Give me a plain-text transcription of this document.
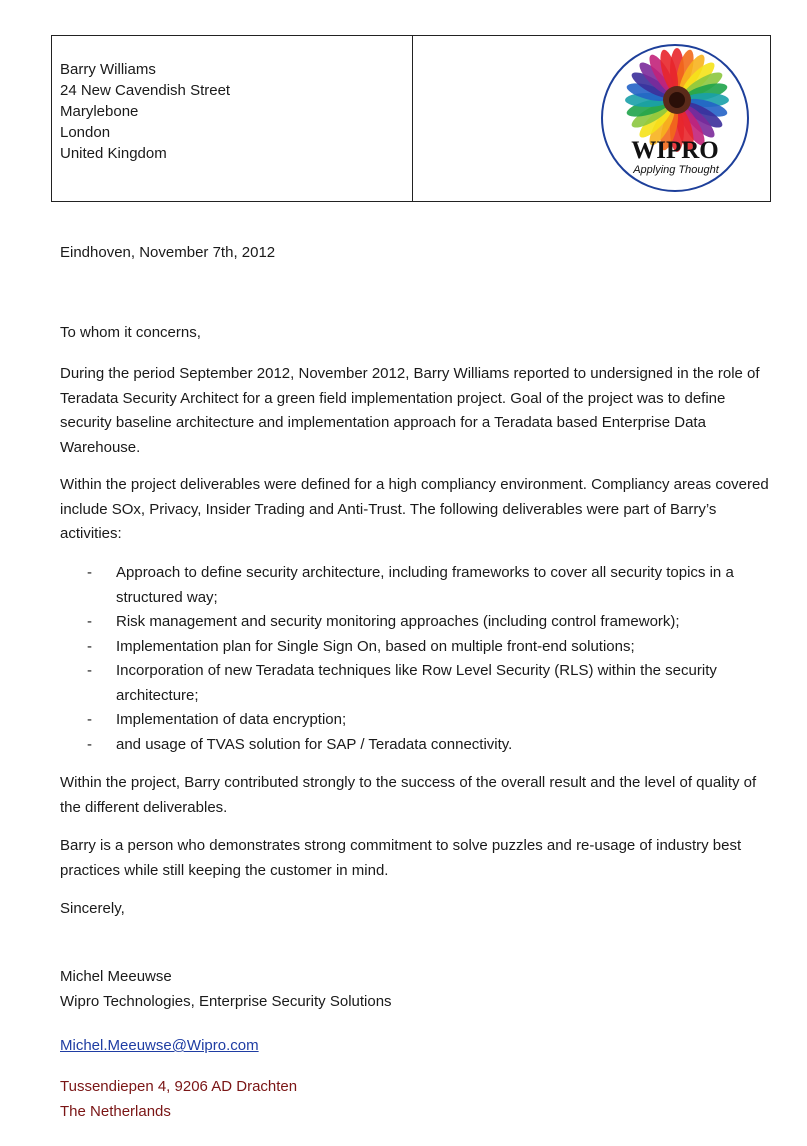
Barry Williams
24 New Cavendish Street
Marylebone
London
United Kingdom	WIPRO
Applying Thought
Eindhoven, November 7th, 2012
To whom it concerns,

During the period September 2012, November 2012, Barry Williams reported to undersigned in the role of Teradata Security Architect for a green field implementation project. Goal of the project was to define security baseline architecture and implementation approach for a Teradata based Enterprise Data Warehouse.

Within the project deliverables were defined for a high compliancy environment. Compliancy areas covered include SOx, Privacy, Insider Trading and Anti-Trust. The following deliverables were part of Barry’s activities:

- Approach to define security architecture, including frameworks to cover all security topics in a structured way;
- Risk management and security monitoring approaches (including control framework);
- Implementation plan for Single Sign On, based on multiple front-end solutions;
- Incorporation of new Teradata techniques like Row Level Security (RLS) within the security architecture;
- Implementation of data encryption;
- and usage of TVAS solution for SAP / Teradata connectivity.

Within the project, Barry contributed strongly to the success of the overall result and the level of quality of the different deliverables.

Barry is a person who demonstrates strong commitment to solve puzzles and re-usage of industry best practices while still keeping the customer in mind.

Sincerely,
Michel Meeuwse
Wipro Technologies, Enterprise Security Solutions
Michel.Meeuwse@Wipro.com
Tussendiepen 4, 9206 AD Drachten
The Netherlands
